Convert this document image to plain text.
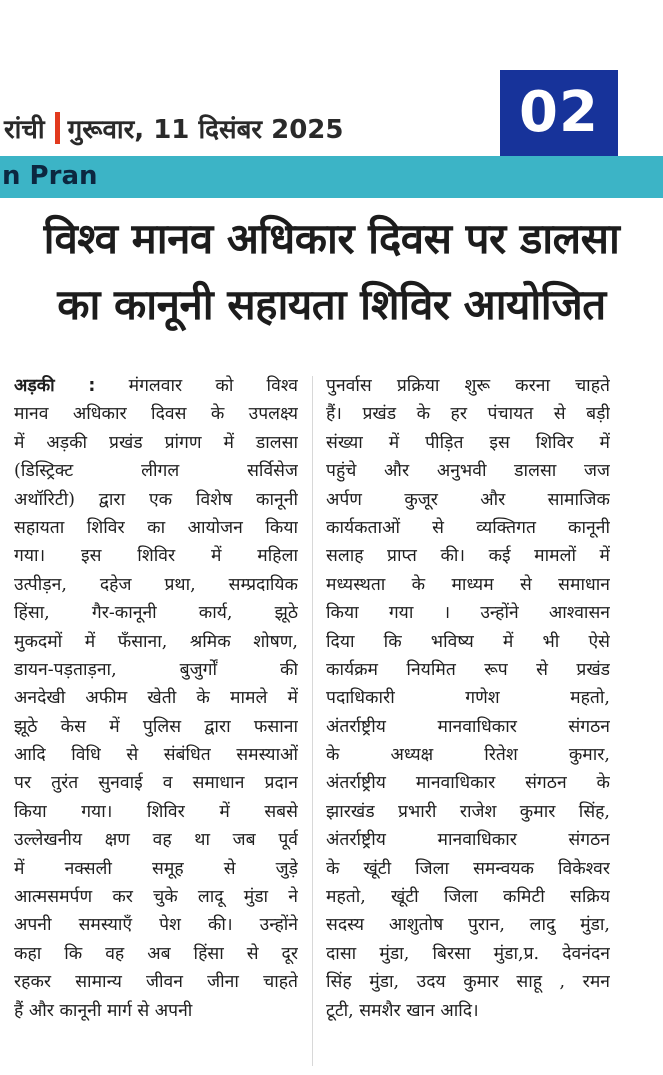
रांची गुरूवार, 11 दिसंबर 2025	02
n Pran
विश्व मानव अधिकार दिवस पर डालसा
का कानूनी सहायता शिविर आयोजित
अड़की : मंगलवार को विश्व
मानव अधिकार दिवस के उपलक्ष्य
में अड़की प्रखंड प्रांगण में डालसा
(डिस्ट्रिक्ट लीगल सर्विसेज
अथॉरिटी) द्वारा एक विशेष कानूनी
सहायता शिविर का आयोजन किया
गया। इस शिविर में महिला
उत्पीड़न, दहेज प्रथा, सम्प्रदायिक
हिंसा, गैर-कानूनी कार्य, झूठे
मुकदमों में फँसाना, श्रमिक शोषण,
डायन-पड़ताड़ना, बुजुर्गों की
अनदेखी अफीम खेती के मामले में
झूठे केस में पुलिस द्वारा फसाना
आदि विधि से संबंधित समस्याओं
पर तुरंत सुनवाई व समाधान प्रदान
किया गया। शिविर में सबसे
उल्लेखनीय क्षण वह था जब पूर्व
में नक्सली समूह से जुड़े
आत्मसमर्पण कर चुके लादू मुंडा ने
अपनी समस्याएँ पेश की। उन्होंने
कहा कि वह अब हिंसा से दूर
रहकर सामान्य जीवन जीना चाहते
हैं और कानूनी मार्ग से अपनी
पुनर्वास प्रक्रिया शुरू करना चाहते
हैं। प्रखंड के हर पंचायत से बड़ी
संख्या में पीड़ित इस शिविर में
पहुंचे और अनुभवी डालसा जज
अर्पण कुजूर और सामाजिक
कार्यकताओं से व्यक्तिगत कानूनी
सलाह प्राप्त की। कई मामलों में
मध्यस्थता के माध्यम से समाधान
किया गया । उन्होंने आश्वासन
दिया कि भविष्य में भी ऐसे
कार्यक्रम नियमित रूप से प्रखंड
पदाधिकारी गणेश महतो,
अंतर्राष्ट्रीय मानवाधिकार संगठन
के अध्यक्ष रितेश कुमार,
अंतर्राष्ट्रीय मानवाधिकार संगठन के
झारखंड प्रभारी राजेश कुमार सिंह,
अंतर्राष्ट्रीय मानवाधिकार संगठन
के खूंटी जिला समन्वयक विकेश्वर
महतो, खूंटी जिला कमिटी सक्रिय
सदस्य आशुतोष पुरान, लादु मुंडा,
दासा मुंडा, बिरसा मुंडा,प्र. देवनंदन
सिंह मुंडा, उदय कुमार साहू , रमन
टूटी, समशैर खान आदि।
